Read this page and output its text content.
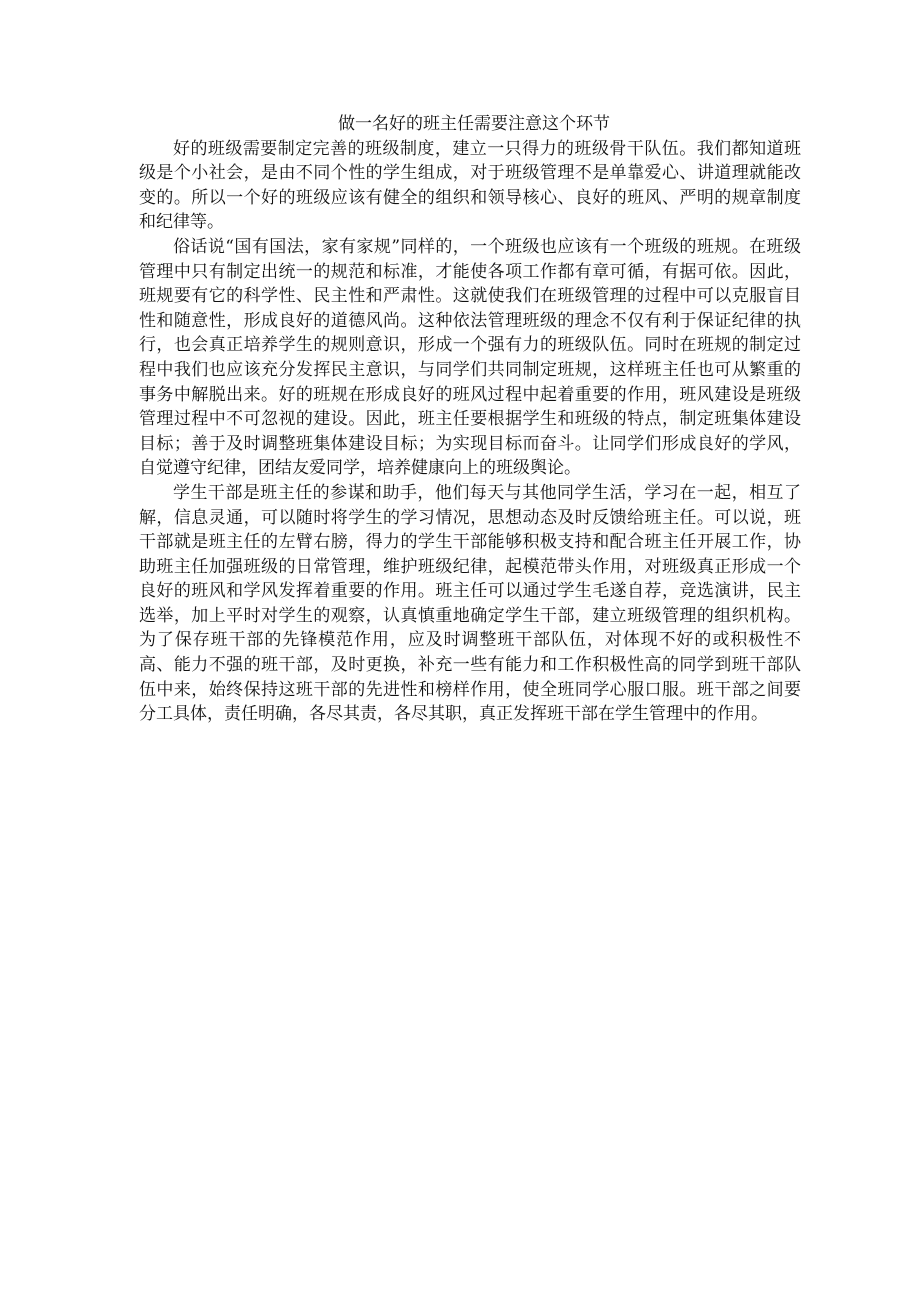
做一名好的班主任需要注意这个环节

好的班级需要制定完善的班级制度，建立一只得力的班级骨干队伍。我们都知道班级是个小社会，是由不同个性的学生组成，对于班级管理不是单靠爱心、讲道理就能改变的。所以一个好的班级应该有健全的组织和领导核心、良好的班风、严明的规章制度和纪律等。

俗话说“国有国法，家有家规”同样的，一个班级也应该有一个班级的班规。在班级管理中只有制定出统一的规范和标准，才能使各项工作都有章可循，有据可依。因此，班规要有它的科学性、民主性和严肃性。这就使我们在班级管理的过程中可以克服盲目性和随意性，形成良好的道德风尚。这种依法管理班级的理念不仅有利于保证纪律的执行，也会真正培养学生的规则意识，形成一个强有力的班级队伍。同时在班规的制定过程中我们也应该充分发挥民主意识，与同学们共同制定班规，这样班主任也可从繁重的事务中解脱出来。好的班规在形成良好的班风过程中起着重要的作用，班风建设是班级管理过程中不可忽视的建设。因此，班主任要根据学生和班级的特点，制定班集体建设目标；善于及时调整班集体建设目标；为实现目标而奋斗。让同学们形成良好的学风，自觉遵守纪律，团结友爱同学，培养健康向上的班级舆论。

学生干部是班主任的参谋和助手，他们每天与其他同学生活，学习在一起，相互了解，信息灵通，可以随时将学生的学习情况，思想动态及时反馈给班主任。可以说，班干部就是班主任的左臂右膀，得力的学生干部能够积极支持和配合班主任开展工作，协助班主任加强班级的日常管理，维护班级纪律，起模范带头作用，对班级真正形成一个良好的班风和学风发挥着重要的作用。班主任可以通过学生毛遂自荐，竞选演讲，民主选举，加上平时对学生的观察，认真慎重地确定学生干部，建立班级管理的组织机构。为了保存班干部的先锋模范作用，应及时调整班干部队伍，对体现不好的或积极性不高、能力不强的班干部，及时更换，补充一些有能力和工作积极性高的同学到班干部队伍中来，始终保持这班干部的先进性和榜样作用，使全班同学心服口服。班干部之间要分工具体，责任明确，各尽其责，各尽其职，真正发挥班干部在学生管理中的作用。
